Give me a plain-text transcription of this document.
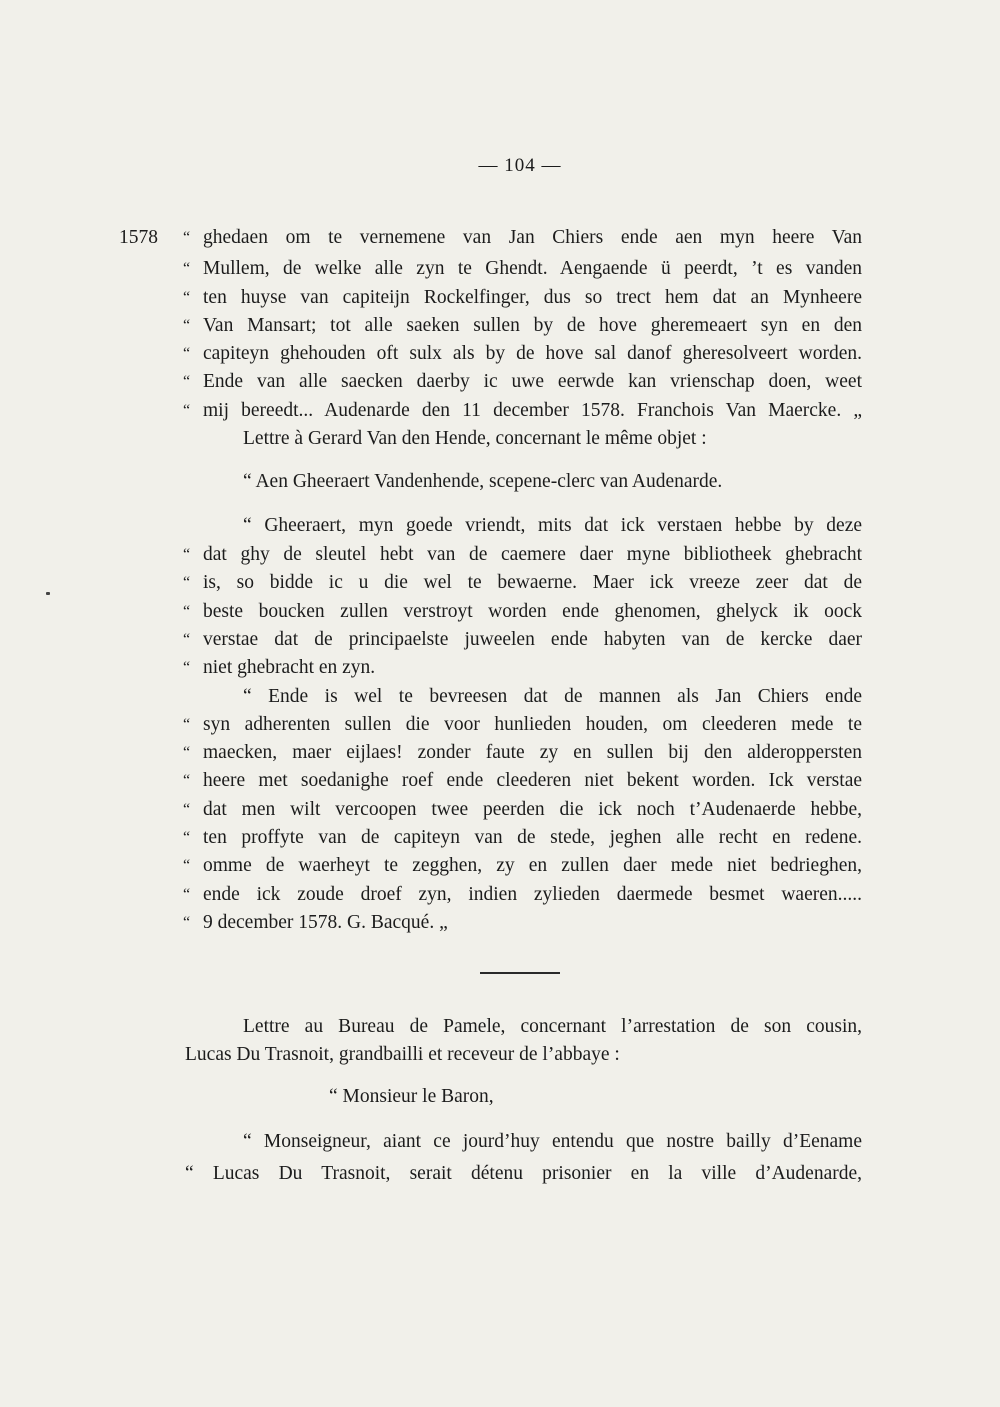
— 104 —
1578 “ ghedaen om te vernemene van Jan Chiers ende aen myn heere Van
“ Mullem, de welke alle zyn te Ghendt. Aengaende ü peerdt, ’t es vanden
“ ten huyse van capiteijn Rockelfinger, dus so trect hem dat an Mynheere
“ Van Mansart; tot alle saeken sullen by de hove gheremeaert syn en den
“ capiteyn ghehouden oft sulx als by de hove sal danof gheresolveert worden.
“ Ende van alle saecken daerby ic uwe eerwde kan vrienschap doen, weet
“ mij bereedt... Audenarde den 11 december 1578. Franchois Van Maercke. „
Lettre à Gerard Van den Hende, concernant le même objet :
“ Aen Gheeraert Vandenhende, scepene-clerc van Audenarde.
“ Gheeraert, myn goede vriendt, mits dat ick verstaen hebbe by deze
“ dat ghy de sleutel hebt van de caemere daer myne bibliotheek ghebracht
“ is, so bidde ic u die wel te bewaerne. Maer ick vreeze zeer dat de
“ beste boucken zullen verstroyt worden ende ghenomen, ghelyck ik oock
“ verstae dat de principaelste juweelen ende habyten van de kercke daer
“ niet ghebracht en zyn.
“ Ende is wel te bevreesen dat de mannen als Jan Chiers ende
“ syn adherenten sullen die voor hunlieden houden, om cleederen mede te
“ maecken, maer eijlaes! zonder faute zy en sullen bij den alderoppersten
“ heere met soedanighe roef ende cleederen niet bekent worden. Ick verstae
“ dat men wilt vercoopen twee peerden die ick noch t’Audenaerde hebbe,
“ ten proffyte van de capiteyn van de stede, jeghen alle recht en redene.
“ omme de waerheyt te zegghen, zy en zullen daer mede niet bedrieghen,
“ ende ick zoude droef zyn, indien zylieden daermede besmet waeren.....
“ 9 december 1578. G. Bacqué. „
Lettre au Bureau de Pamele, concernant l’arrestation de son cousin,
Lucas Du Trasnoit, grandbailli et receveur de l’abbaye :
“ Monsieur le Baron,
“ Monseigneur, aiant ce jourd’huy entendu que nostre bailly d’Eename
“ Lucas Du Trasnoit, serait détenu prisonier en la ville d’Audenarde,
